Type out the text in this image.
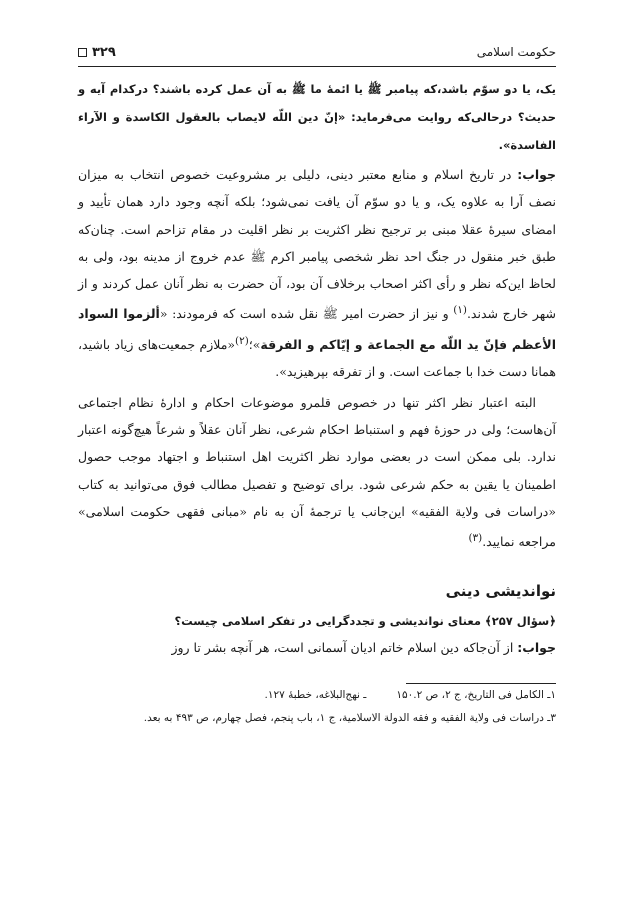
حکومت اسلامی
۳۲۹

یک، یا دو سوّم باشد،که پیامبر ﷺ یا ائمهٔ ما ﷺ به آن عمل کرده باشند؟ درکدام آیه و حدیث؟ درحالی‌که روایت می‌فرماید: «إنّ دین اللّه لایصاب بالعقول الکاسدة و الآراء الفاسدة».

جواب: در تاریخ اسلام و منابع معتبر دینی، دلیلی بر مشروعیت خصوص انتخاب به میزان نصف آرا به علاوه یک، و یا دو سوّم آن یافت نمی‌شود؛ بلکه آنچه وجود دارد همان تأیید و امضای سیرهٔ عقلا مبنی بر ترجیح نظر اکثریت بر نظر اقلیت در مقام تزاحم است. چنان‌که طبق خبر منقول در جنگ احد نظر شخصی پیامبر اکرم ﷺ عدم خروج از مدینه بود، ولی به لحاظ این‌که نظر و رأی اکثر اصحاب برخلاف آن بود، آن حضرت به نظر آنان عمل کردند و از شهر خارج شدند.$^{(۱)}$ و نیز از حضرت امیر ﷺ نقل شده است که فرمودند: «ألزموا السواد الأعظم فإنّ ید اللّه مع الجماعة و إیّاکم و الفرقة»؛$^{(۲)}$«ملازم جمعیت‌های زیاد باشید، همانا دست خدا با جماعت است. و از تفرقه بپرهیزید».

البته اعتبار نظر اکثر تنها در خصوص قلمرو موضوعات احکام و ادارهٔ نظام اجتماعی آن‌هاست؛ ولی در حوزهٔ فهم و استنباط احکام شرعی، نظر آنان عقلاً و شرعاً هیچ‌گونه اعتبار ندارد. بلی ممکن است در بعضی موارد نظر اکثریت اهل استنباط و اجتهاد موجب حصول اطمینان یا یقین به حکم شرعی شود. برای توضیح و تفصیل مطالب فوق می‌توانید به کتاب «دراسات فی ولایة الفقیه» این‌جانب یا ترجمهٔ آن به نام «مبانی فقهی حکومت اسلامی» مراجعه نمایید.$^{(۳)}$

نواندیشی دینی

﴿سؤال ۲۵۷﴾ معنای نواندیشی و تجددگرایی در تفکر اسلامی چیست؟

جواب: از آن‌جاکه دین اسلام خاتم ادیان آسمانی است، هر آنچه بشر تا روز

۱ـ الکامل فی التاریخ، ج ۲، ص ۱۵۰.۲ـ نهج‌البلاغه، خطبهٔ ۱۲۷.

۳ـ دراسات فی ولایة الفقیه و فقه الدولة الاسلامیة، ج ۱، باب پنجم، فصل چهارم، ص ۴۹۳ به بعد.
